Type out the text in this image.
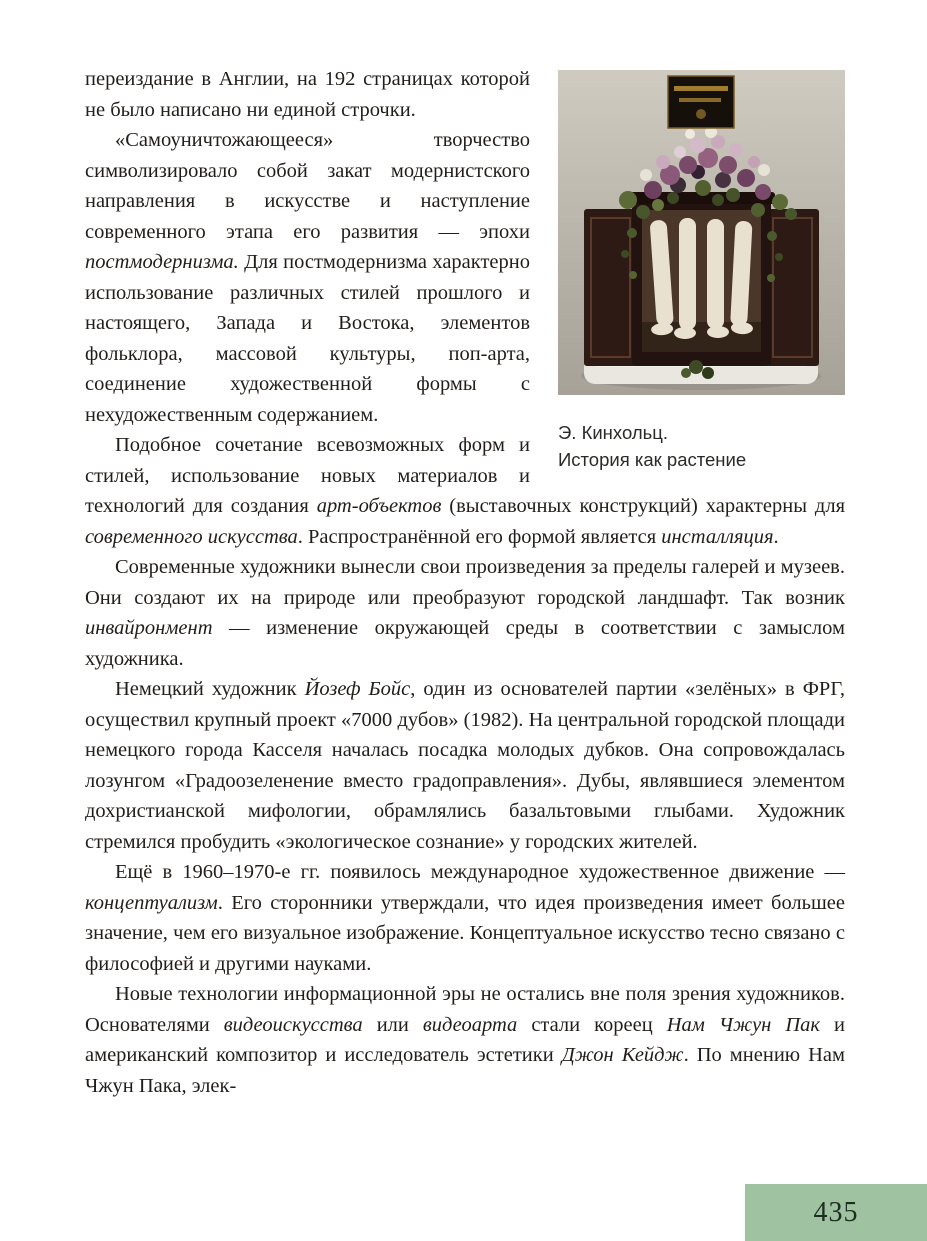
Э. Кинхольц.
История как растение

переиздание в Англии, на 192 страницах которой не было написано ни единой строчки.

«Самоуничтожающееся» творчество символизировало собой закат модернистского направления в искусстве и наступление современного этапа его развития — эпохи постмодернизма. Для постмодернизма характерно использование различных стилей прошлого и настоящего, Запада и Востока, элементов фольклора, массовой культуры, поп-арта, соединение художественной формы с нехудожественным содержанием.

Подобное сочетание всевозможных форм и стилей, использование новых материалов и технологий для создания арт-объектов (выставочных конструкций) характерны для современного искусства. Распространённой его формой является инсталляция.

Современные художники вынесли свои произведения за пределы галерей и музеев. Они создают их на природе или преобразуют городской ландшафт. Так возник инвайронмент — изменение окружающей среды в соответствии с замыслом художника.

Немецкий художник Йозеф Бойс, один из основателей партии «зелёных» в ФРГ, осуществил крупный проект «7000 дубов» (1982). На центральной городской площади немецкого города Касселя началась посадка молодых дубков. Она сопровождалась лозунгом «Градоозеленение вместо градоправления». Дубы, являвшиеся элементом дохристианской мифологии, обрамлялись базальтовыми глыбами. Художник стремился пробудить «экологическое сознание» у городских жителей.

Ещё в 1960–1970-е гг. появилось международное художественное движение — концептуализм. Его сторонники утверждали, что идея произведения имеет большее значение, чем его визуальное изображение. Концептуальное искусство тесно связано с философией и другими науками.

Новые технологии информационной эры не остались вне поля зрения художников. Основателями видеоискусства или видеоарта стали кореец Нам Чжун Пак и американский композитор и исследователь эстетики Джон Кейдж. По мнению Нам Чжун Пака, элек-

435
